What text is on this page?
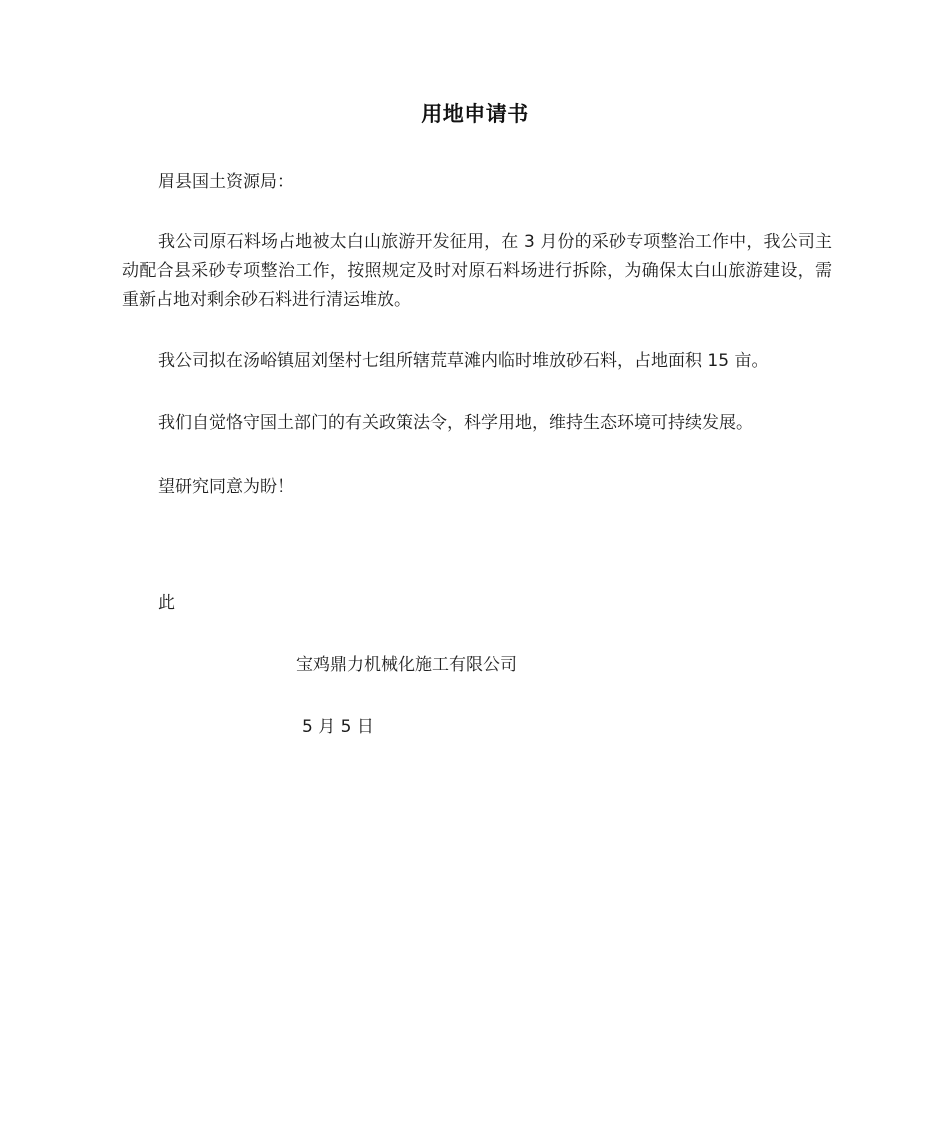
用地申请书

眉县国土资源局：

我公司原石料场占地被太白山旅游开发征用，在 3 月份的采砂专项整治工作中，我公司主动配合县采砂专项整治工作，按照规定及时对原石料场进行拆除，为确保太白山旅游建设，需重新占地对剩余砂石料进行清运堆放。

我公司拟在汤峪镇屈刘堡村七组所辖荒草滩内临时堆放砂石料，占地面积 15 亩。

我们自觉恪守国土部门的有关政策法令，科学用地，维持生态环境可持续发展。

望研究同意为盼！

此

宝鸡鼎力机械化施工有限公司

5 月 5 日
